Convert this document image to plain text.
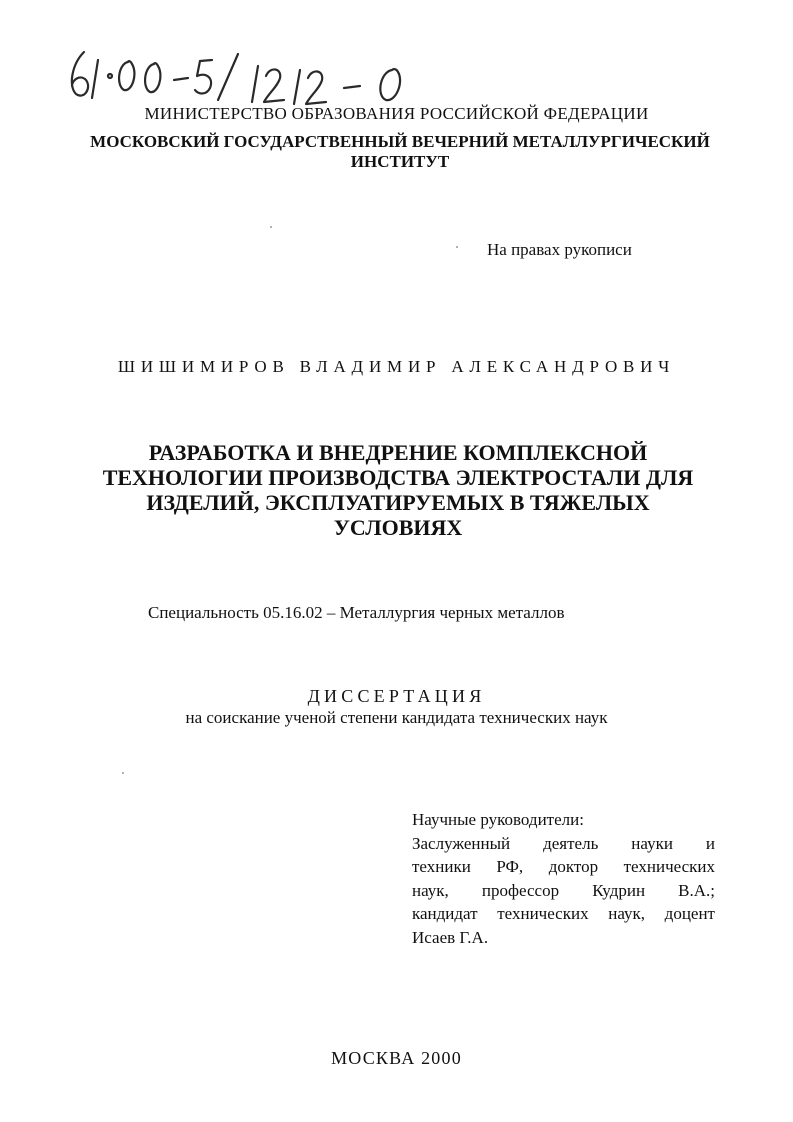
МИНИСТЕРСТВО ОБРАЗОВАНИЯ РОССИЙСКОЙ ФЕДЕРАЦИИ
МОСКОВСКИЙ ГОСУДАРСТВЕННЫЙ ВЕЧЕРНИЙ МЕТАЛЛУРГИЧЕСКИЙ
ИНСТИТУТ
На правах рукописи
ШИШИМИРОВ ВЛАДИМИР АЛЕКСАНДРОВИЧ
РАЗРАБОТКА И ВНЕДРЕНИЕ КОМПЛЕКСНОЙ
ТЕХНОЛОГИИ ПРОИЗВОДСТВА ЭЛЕКТРОСТАЛИ ДЛЯ
ИЗДЕЛИЙ, ЭКСПЛУАТИРУЕМЫХ В ТЯЖЕЛЫХ
УСЛОВИЯХ
Специальность 05.16.02 – Металлургия черных металлов
ДИССЕРТАЦИЯ
на соискание ученой степени кандидата технических наук
Научные руководители:
Заслуженный деятель науки и
техники РФ, доктор технических
наук, профессор Кудрин В.А.;
кандидат технических наук, доцент
Исаев Г.А.
МОСКВА 2000
